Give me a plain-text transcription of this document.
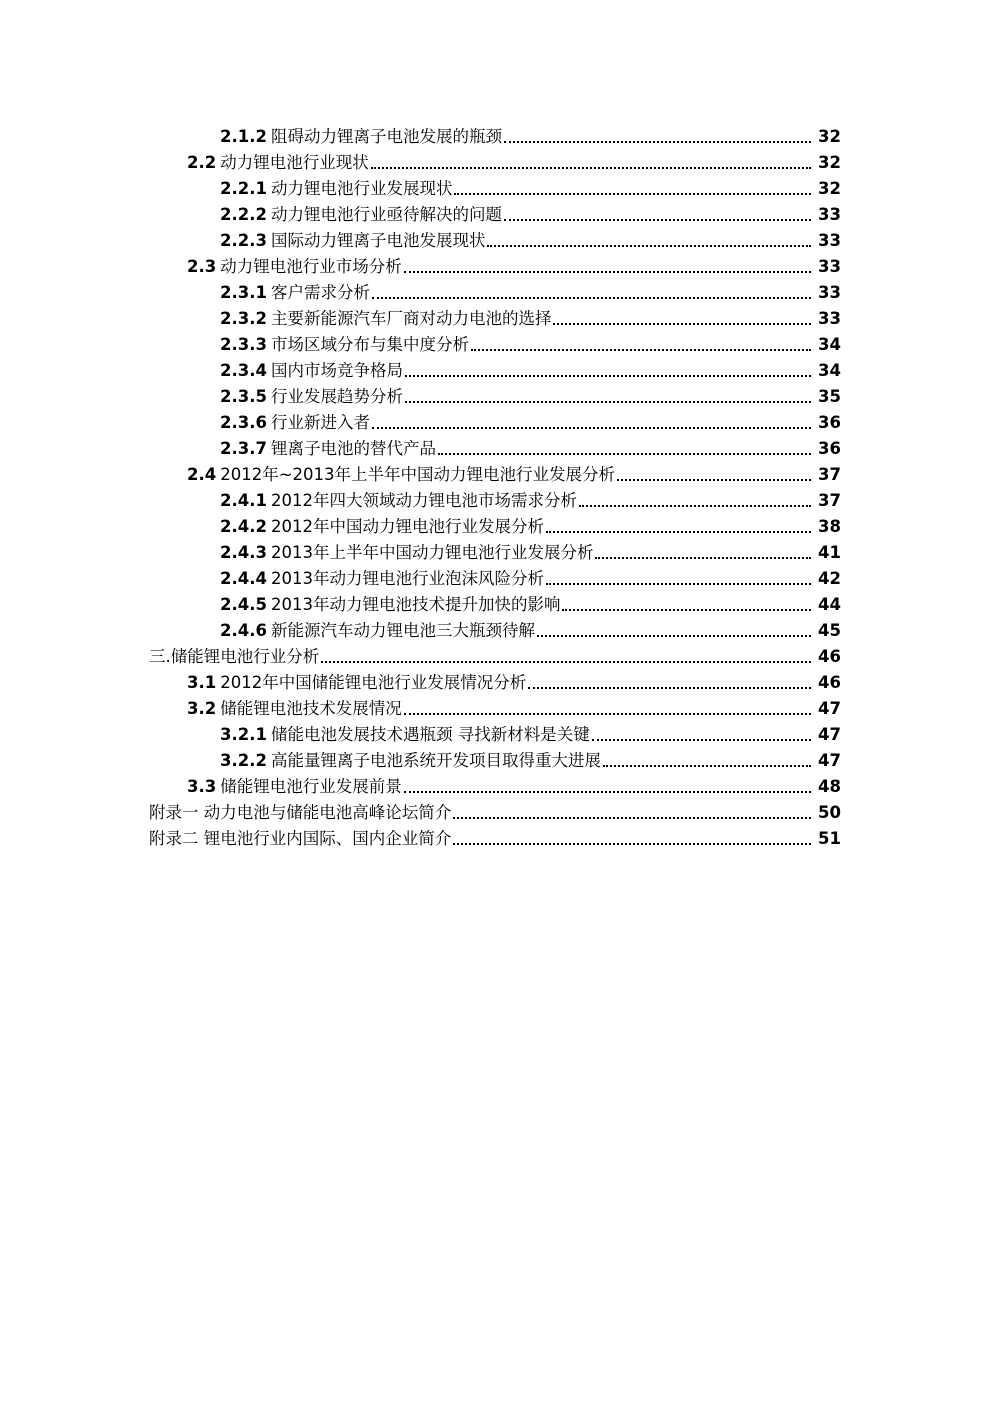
2.1.2 阻碍动力锂离子电池发展的瓶颈	32
2.2 动力锂电池行业现状	32
2.2.1 动力锂电池行业发展现状	32
2.2.2 动力锂电池行业亟待解决的问题	33
2.2.3 国际动力锂离子电池发展现状	33
2.3 动力锂电池行业市场分析	33
2.3.1 客户需求分析	33
2.3.2 主要新能源汽车厂商对动力电池的选择	33
2.3.3 市场区域分布与集中度分析	34
2.3.4 国内市场竞争格局	34
2.3.5 行业发展趋势分析	35
2.3.6 行业新进入者	36
2.3.7 锂离子电池的替代产品	36
2.4 2012年~2013年上半年中国动力锂电池行业发展分析	37
2.4.1 2012年四大领域动力锂电池市场需求分析	37
2.4.2 2012年中国动力锂电池行业发展分析	38
2.4.3 2013年上半年中国动力锂电池行业发展分析	41
2.4.4 2013年动力锂电池行业泡沫风险分析	42
2.4.5 2013年动力锂电池技术提升加快的影响	44
2.4.6 新能源汽车动力锂电池三大瓶颈待解	45
三.储能锂电池行业分析	46
3.1 2012年中国储能锂电池行业发展情况分析	46
3.2 储能锂电池技术发展情况	47
3.2.1 储能电池发展技术遇瓶颈 寻找新材料是关键	47
3.2.2 高能量锂离子电池系统开发项目取得重大进展	47
3.3 储能锂电池行业发展前景	48
附录一 动力电池与储能电池高峰论坛简介	50
附录二 锂电池行业内国际、国内企业简介	51
